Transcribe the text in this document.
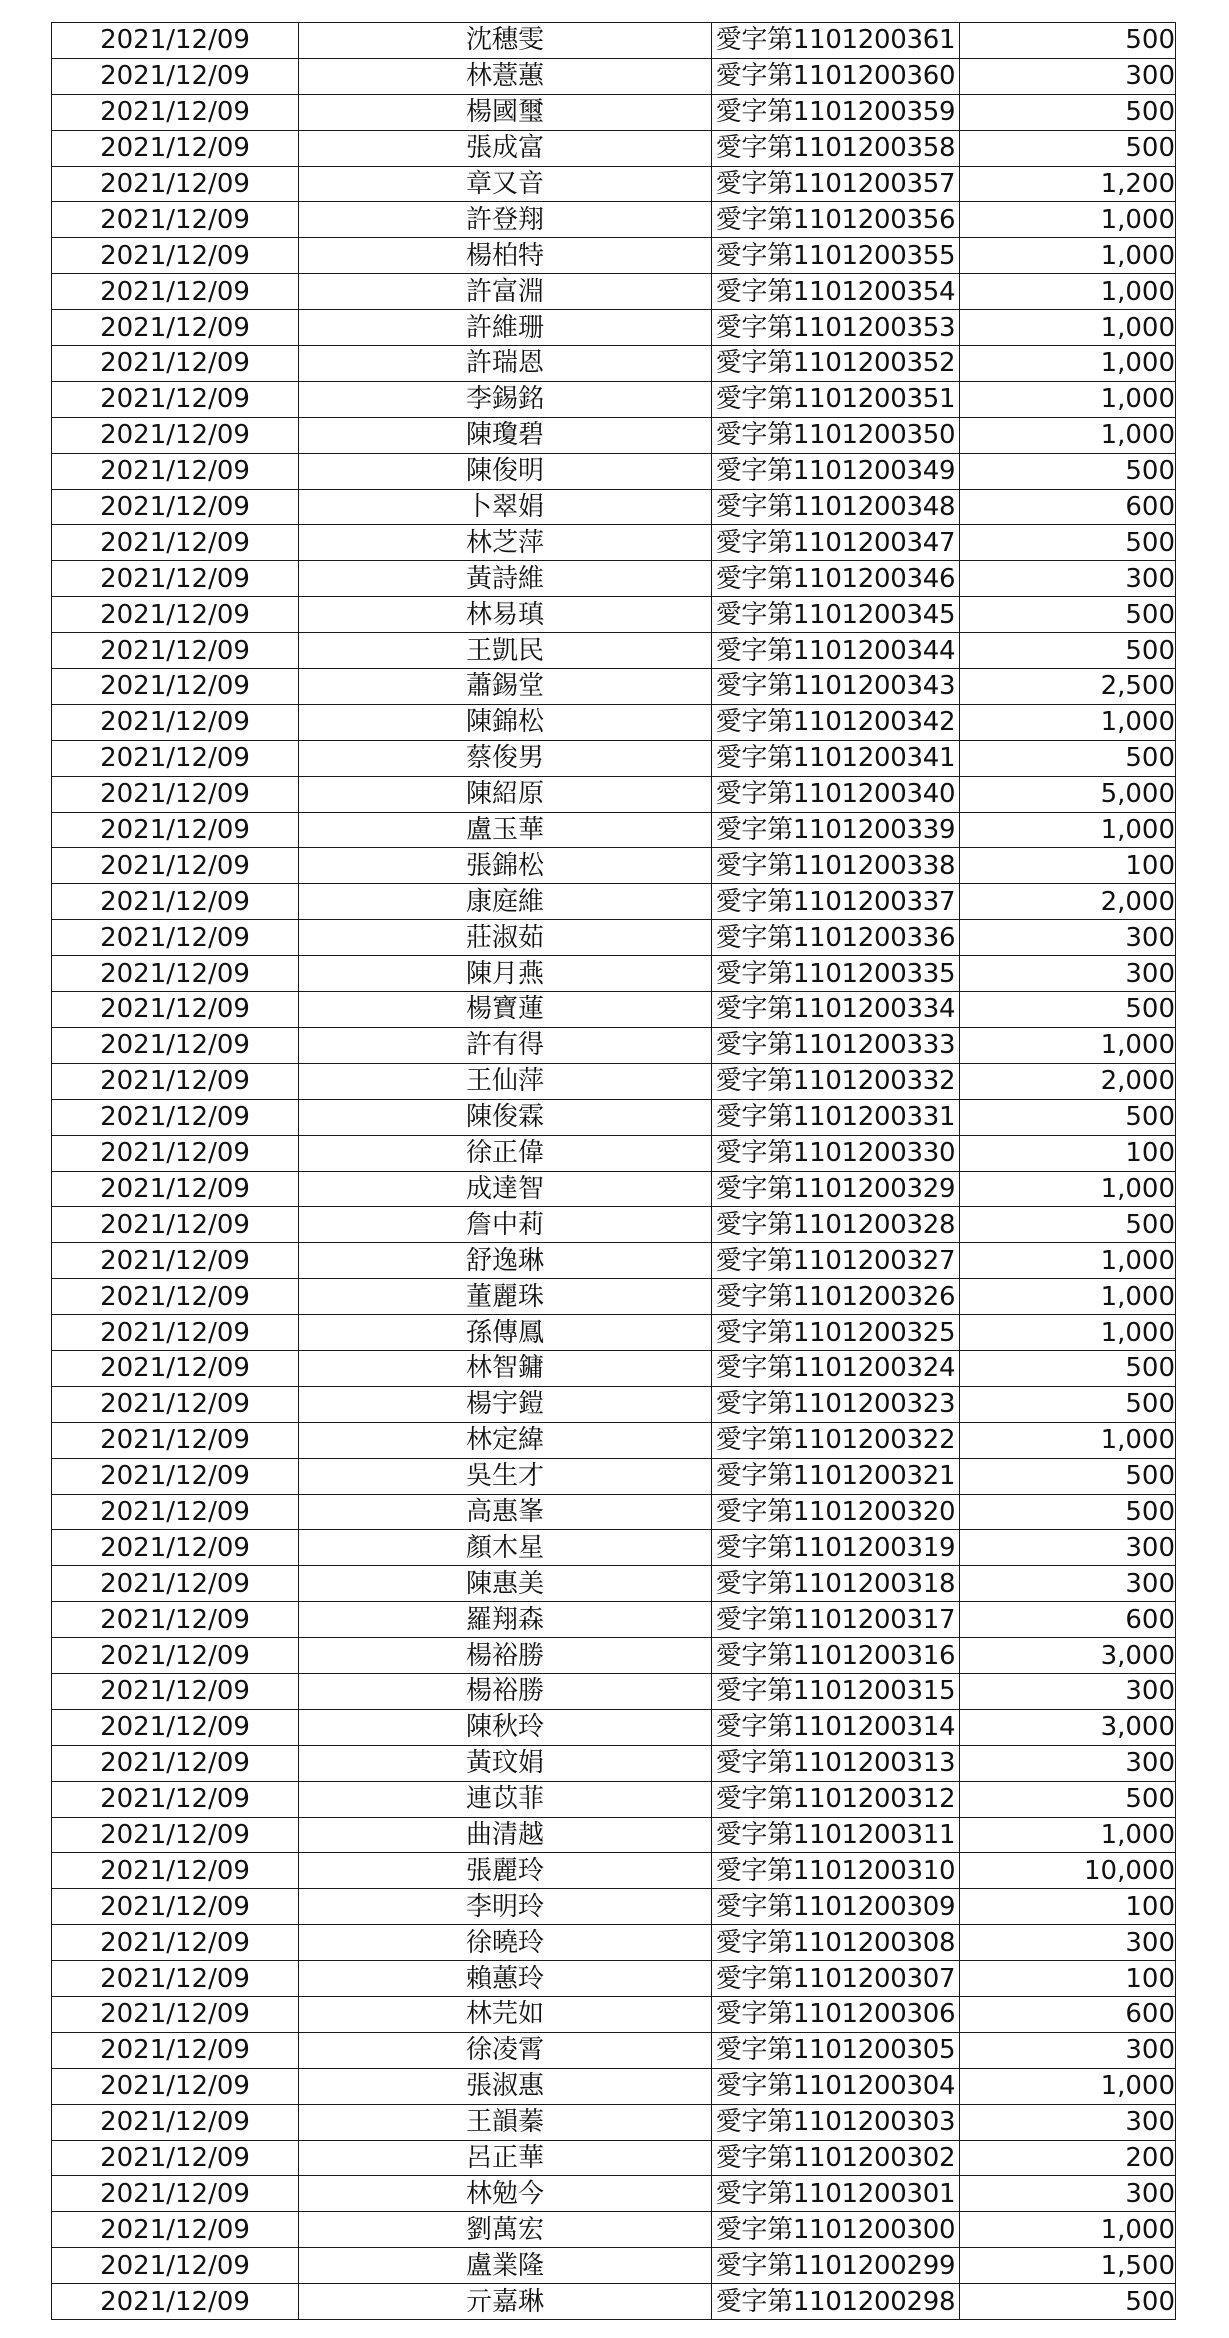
2021/12/09	沈穗雯	愛字第1101200361	500
2021/12/09	林薏蕙	愛字第1101200360	300
2021/12/09	楊國璽	愛字第1101200359	500
2021/12/09	張成富	愛字第1101200358	500
2021/12/09	章又音	愛字第1101200357	1,200
2021/12/09	許登翔	愛字第1101200356	1,000
2021/12/09	楊柏特	愛字第1101200355	1,000
2021/12/09	許富淵	愛字第1101200354	1,000
2021/12/09	許維珊	愛字第1101200353	1,000
2021/12/09	許瑞恩	愛字第1101200352	1,000
2021/12/09	李錫銘	愛字第1101200351	1,000
2021/12/09	陳瓊碧	愛字第1101200350	1,000
2021/12/09	陳俊明	愛字第1101200349	500
2021/12/09	卜翠娟	愛字第1101200348	600
2021/12/09	林芝萍	愛字第1101200347	500
2021/12/09	黃詩維	愛字第1101200346	300
2021/12/09	林易瑱	愛字第1101200345	500
2021/12/09	王凱民	愛字第1101200344	500
2021/12/09	蕭錫堂	愛字第1101200343	2,500
2021/12/09	陳錦松	愛字第1101200342	1,000
2021/12/09	蔡俊男	愛字第1101200341	500
2021/12/09	陳紹原	愛字第1101200340	5,000
2021/12/09	盧玉華	愛字第1101200339	1,000
2021/12/09	張錦松	愛字第1101200338	100
2021/12/09	康庭維	愛字第1101200337	2,000
2021/12/09	莊淑茹	愛字第1101200336	300
2021/12/09	陳月燕	愛字第1101200335	300
2021/12/09	楊寶蓮	愛字第1101200334	500
2021/12/09	許有得	愛字第1101200333	1,000
2021/12/09	王仙萍	愛字第1101200332	2,000
2021/12/09	陳俊霖	愛字第1101200331	500
2021/12/09	徐正偉	愛字第1101200330	100
2021/12/09	成達智	愛字第1101200329	1,000
2021/12/09	詹中莉	愛字第1101200328	500
2021/12/09	舒逸琳	愛字第1101200327	1,000
2021/12/09	董麗珠	愛字第1101200326	1,000
2021/12/09	孫傳鳳	愛字第1101200325	1,000
2021/12/09	林智鏞	愛字第1101200324	500
2021/12/09	楊宇鎧	愛字第1101200323	500
2021/12/09	林定緯	愛字第1101200322	1,000
2021/12/09	吳生才	愛字第1101200321	500
2021/12/09	高惠峯	愛字第1101200320	500
2021/12/09	顏木星	愛字第1101200319	300
2021/12/09	陳惠美	愛字第1101200318	300
2021/12/09	羅翔森	愛字第1101200317	600
2021/12/09	楊裕勝	愛字第1101200316	3,000
2021/12/09	楊裕勝	愛字第1101200315	300
2021/12/09	陳秋玲	愛字第1101200314	3,000
2021/12/09	黃玟娟	愛字第1101200313	300
2021/12/09	連苡菲	愛字第1101200312	500
2021/12/09	曲清越	愛字第1101200311	1,000
2021/12/09	張麗玲	愛字第1101200310	10,000
2021/12/09	李明玲	愛字第1101200309	100
2021/12/09	徐曉玲	愛字第1101200308	300
2021/12/09	賴蕙玲	愛字第1101200307	100
2021/12/09	林芫如	愛字第1101200306	600
2021/12/09	徐凌霄	愛字第1101200305	300
2021/12/09	張淑惠	愛字第1101200304	1,000
2021/12/09	王韻蓁	愛字第1101200303	300
2021/12/09	呂正華	愛字第1101200302	200
2021/12/09	林勉今	愛字第1101200301	300
2021/12/09	劉萬宏	愛字第1101200300	1,000
2021/12/09	盧業隆	愛字第1101200299	1,500
2021/12/09	亓嘉琳	愛字第1101200298	500
